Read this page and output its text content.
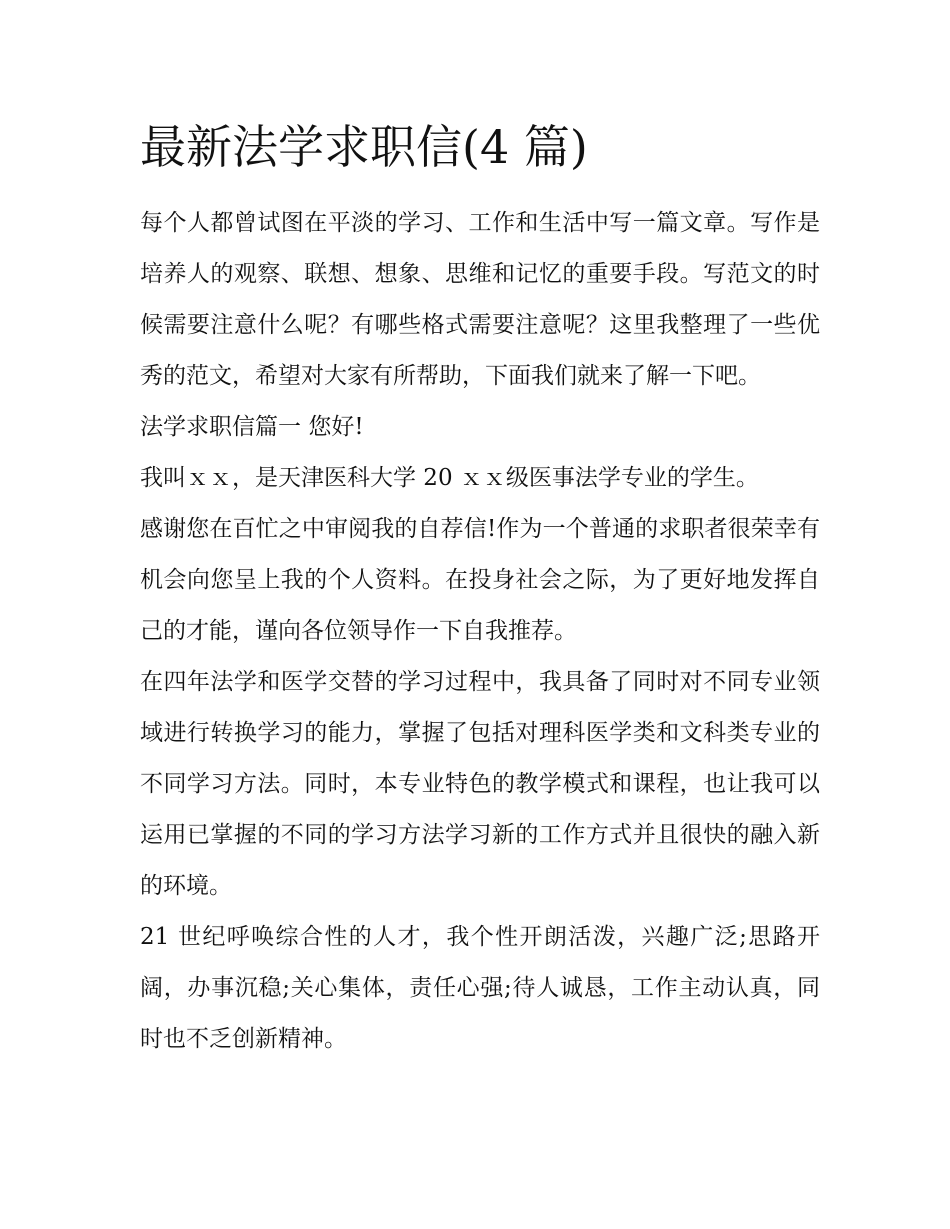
最新法学求职信(4 篇)

每个人都曾试图在平淡的学习、工作和生活中写一篇文章。写作是培养人的观察、联想、想象、思维和记忆的重要手段。写范文的时候需要注意什么呢？有哪些格式需要注意呢？这里我整理了一些优秀的范文，希望对大家有所帮助，下面我们就来了解一下吧。

法学求职信篇一 您好!

我叫ｘｘ，是天津医科大学 20 ｘｘ级医事法学专业的学生。

感谢您在百忙之中审阅我的自荐信!作为一个普通的求职者很荣幸有机会向您呈上我的个人资料。在投身社会之际，为了更好地发挥自己的才能，谨向各位领导作一下自我推荐。

在四年法学和医学交替的学习过程中，我具备了同时对不同专业领域进行转换学习的能力，掌握了包括对理科医学类和文科类专业的不同学习方法。同时，本专业特色的教学模式和课程，也让我可以运用已掌握的不同的学习方法学习新的工作方式并且很快的融入新的环境。

21 世纪呼唤综合性的人才，我个性开朗活泼，兴趣广泛;思路开阔，办事沉稳;关心集体，责任心强;待人诚恳，工作主动认真，同时也不乏创新精神。
